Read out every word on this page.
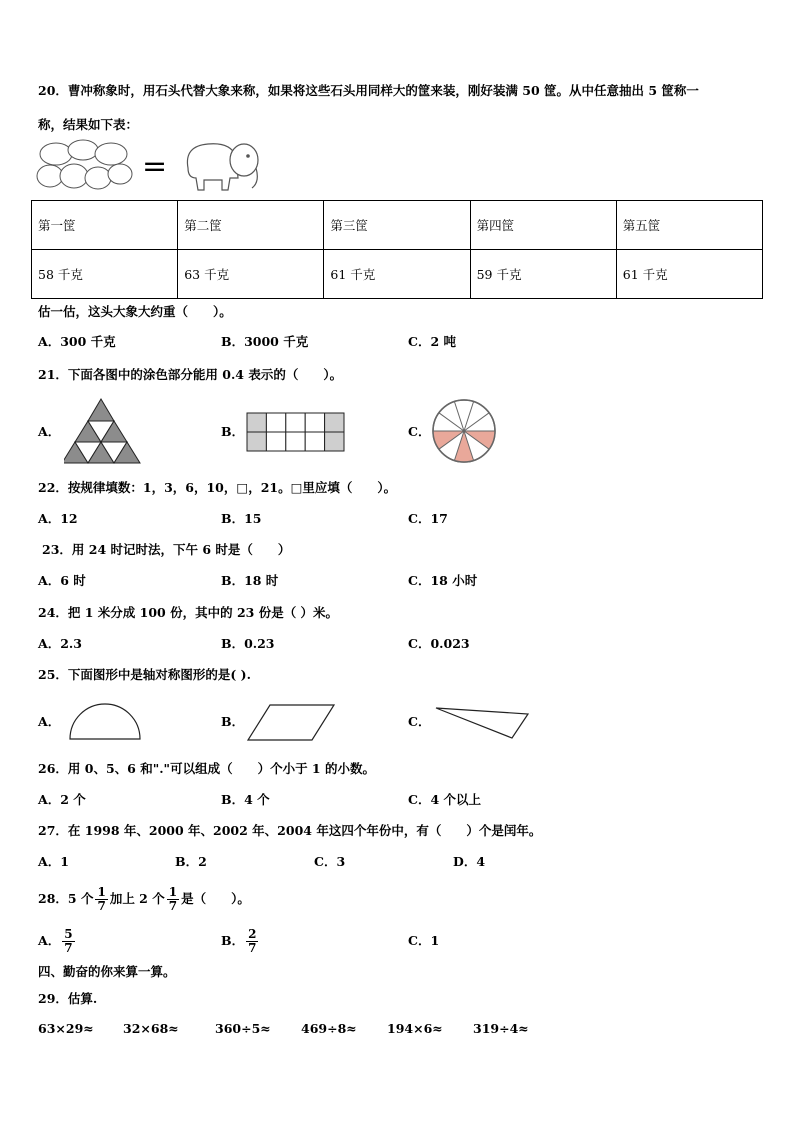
20．曹冲称象时，用石头代替大象来称，如果将这些石头用同样大的筐来装，刚好装满 50 筐。从中任意抽出 5 筐称一
称，结果如下表：
=
第一筐	第二筐	第三筐	第四筐	第五筐
58 千克	63 千克	61 千克	59 千克	61 千克
估一估，这头大象大约重（　　）。
A．300 千克	B．3000 千克	C．2 吨
21．下面各图中的涂色部分能用 0.4 表示的（　　）。
A．	B．	C．
22．按规律填数：1，3，6，10，□，21。□里应填（　　）。
A．12	B．15	C．17
23．用 24 时记时法，下午 6 时是（　　）
A．6 时	B．18 时	C．18 小时
24．把 1 米分成 100 份，其中的 23 份是（ ）米。
A．2.3	B．0.23	C．0.023
25．下面图形中是轴对称图形的是( ).
A．	B．	C．
26．用 0、5、6 和"."可以组成（　　）个小于 1 的小数。
A．2 个	B．4 个	C．4 个以上
27．在 1998 年、2000 年、2002 年、2004 年这四个年份中，有（　　）个是闰年。
A．1	B．2	C．3	D．4
28．5 个 $\frac{1}{7}$ 加上 2 个 $\frac{1}{7}$ 是（　　）。
A． $\frac{5}{7}$	B． $\frac{2}{7}$	C．1
四、勤奋的你来算一算。
29．估算.
63×29≈ 32×68≈	360÷5≈ 469÷8≈ 194×6≈ 319÷4≈
